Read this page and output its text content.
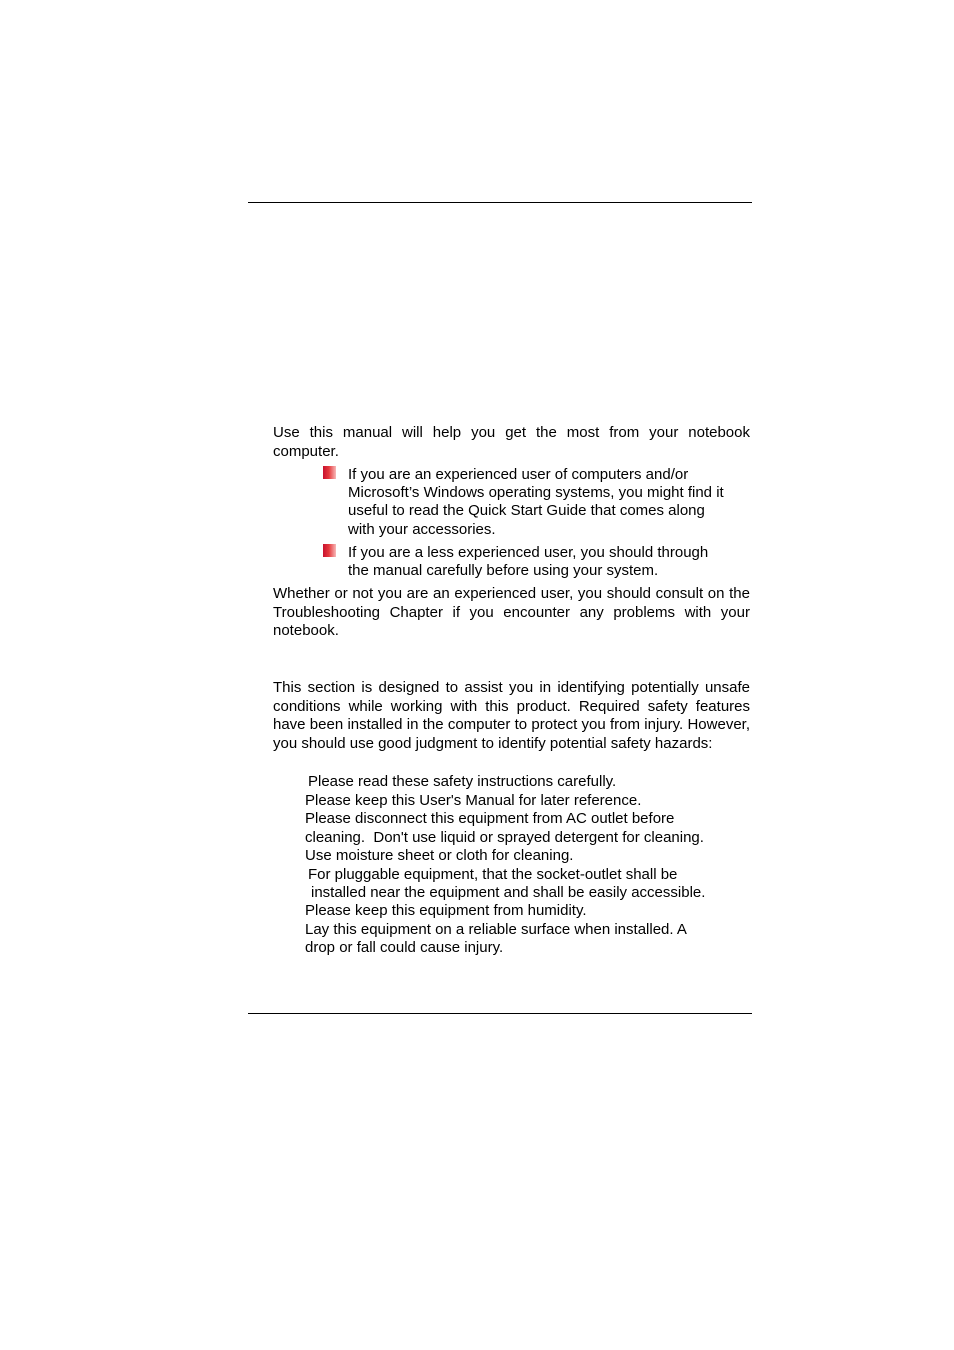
Use this manual will help you get the most from your notebook computer.

If you are an experienced user of computers and/or
Microsoft’s Windows operating systems, you might find it
useful to read the Quick Start Guide that comes along
with your accessories.
If you are a less experienced user, you should through
the manual carefully before using your system.

Whether or not you are an experienced user, you should consult on the Troubleshooting Chapter if you encounter any problems with your notebook.

This section is designed to assist you in identifying potentially unsafe conditions while working with this product. Required safety features have been installed in the computer to protect you from injury. However, you should use good judgment to identify potential safety hazards:

Please read these safety instructions carefully.
Please keep this User's Manual for later reference.
Please disconnect this equipment from AC outlet before
cleaning.  Don't use liquid or sprayed detergent for cleaning.
Use moisture sheet or cloth for cleaning.
For pluggable equipment, that the socket-outlet shall be
installed near the equipment and shall be easily accessible.
Please keep this equipment from humidity.
Lay this equipment on a reliable surface when installed. A
drop or fall could cause injury.
